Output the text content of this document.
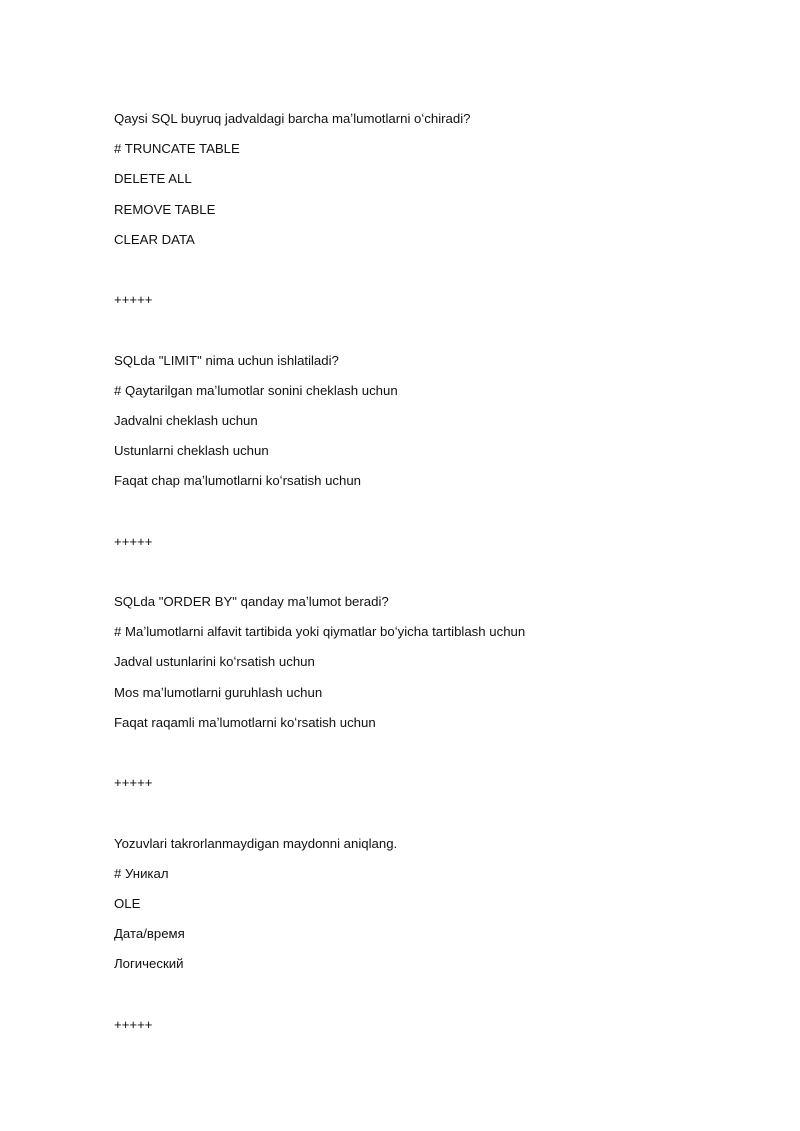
Qaysi SQL buyruq jadvaldagi barcha maʼlumotlarni oʻchiradi?
# TRUNCATE TABLE
DELETE ALL
REMOVE TABLE
CLEAR DATA
+++++
SQLda "LIMIT" nima uchun ishlatiladi?
# Qaytarilgan maʼlumotlar sonini cheklash uchun
Jadvalni cheklash uchun
Ustunlarni cheklash uchun
Faqat chap maʼlumotlarni koʻrsatish uchun
+++++
SQLda "ORDER BY" qanday maʼlumot beradi?
# Maʼlumotlarni alfavit tartibida yoki qiymatlar boʻyicha tartiblash uchun
Jadval ustunlarini koʻrsatish uchun
Mos maʼlumotlarni guruhlash uchun
Faqat raqamli maʼlumotlarni koʻrsatish uchun
+++++
Yozuvlari takrorlanmaydigan maydonni aniqlang.
# Уникал
OLE
Дата/время
Логический
+++++
